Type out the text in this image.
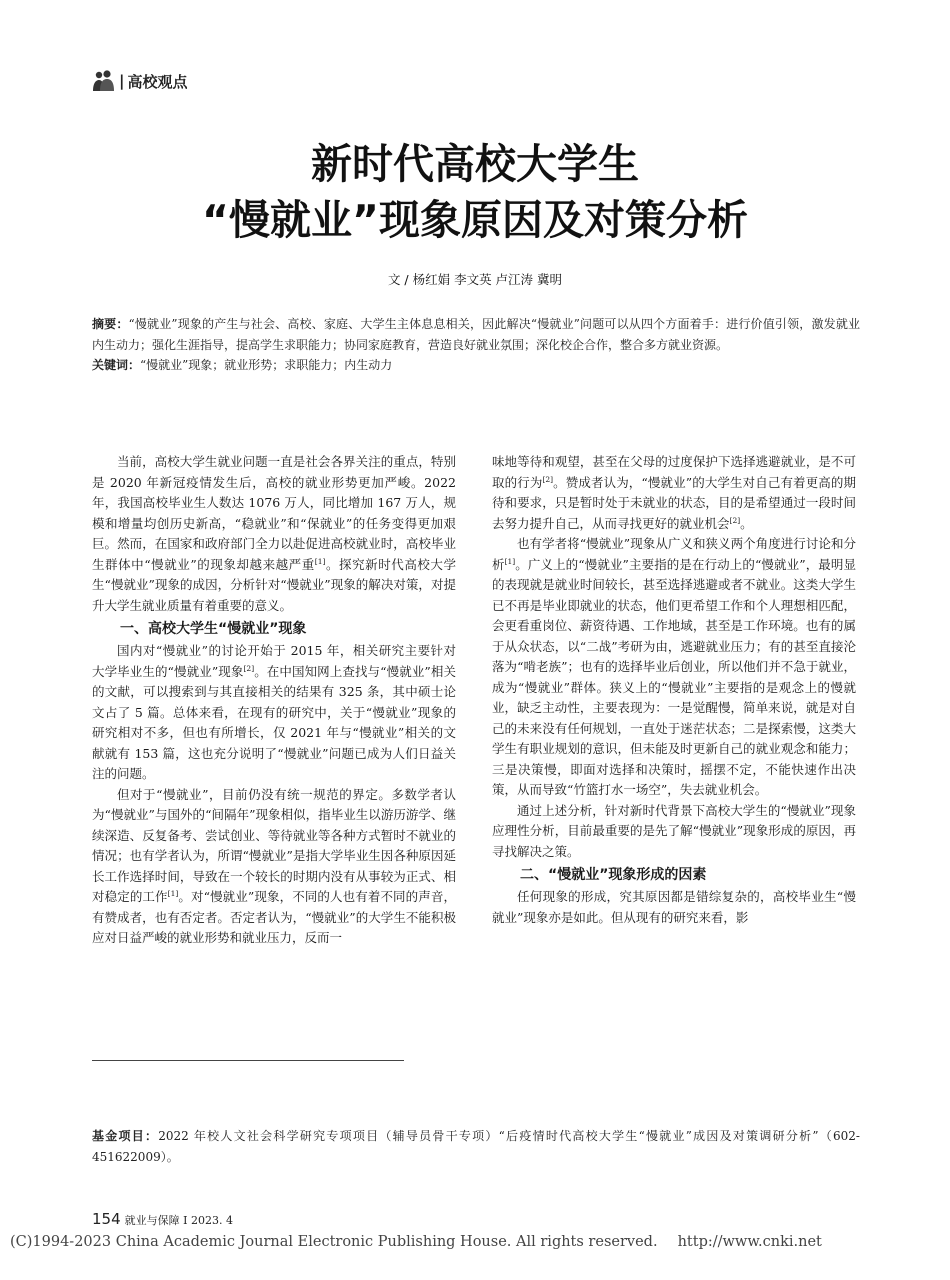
| 高校观点
新时代高校大学生
“慢就业”现象原因及对策分析
文 / 杨红娟 李文英 卢江涛 冀明

摘要：“慢就业”现象的产生与社会、高校、家庭、大学生主体息息相关，因此解决“慢就业”问题可以从四个方面着手：进行价值引领，激发就业内生动力；强化生涯指导，提高学生求职能力；协同家庭教育，营造良好就业氛围；深化校企合作，整合多方就业资源。

关键词：“慢就业”现象；就业形势；求职能力；内生动力

当前，高校大学生就业问题一直是社会各界关注的重点，特别是 2020 年新冠疫情发生后，高校的就业形势更加严峻。2022 年，我国高校毕业生人数达 1076 万人，同比增加 167 万人，规模和增量均创历史新高，“稳就业”和“保就业”的任务变得更加艰巨。然而，在国家和政府部门全力以赴促进高校就业时，高校毕业生群体中“慢就业”的现象却越来越严重[1]。探究新时代高校大学生“慢就业”现象的成因，分析针对“慢就业”现象的解决对策，对提升大学生就业质量有着重要的意义。

一、高校大学生“慢就业”现象

国内对“慢就业”的讨论开始于 2015 年，相关研究主要针对大学毕业生的“慢就业”现象[2]。在中国知网上查找与“慢就业”相关的文献，可以搜索到与其直接相关的结果有 325 条，其中硕士论文占了 5 篇。总体来看，在现有的研究中，关于“慢就业”现象的研究相对不多，但也有所增长，仅 2021 年与“慢就业”相关的文献就有 153 篇，这也充分说明了“慢就业”问题已成为人们日益关注的问题。

但对于“慢就业”，目前仍没有统一规范的界定。多数学者认为“慢就业”与国外的“间隔年”现象相似，指毕业生以游历游学、继续深造、反复备考、尝试创业、等待就业等各种方式暂时不就业的情况；也有学者认为，所谓“慢就业”是指大学毕业生因各种原因延长工作选择时间，导致在一个较长的时期内没有从事较为正式、相对稳定的工作[1]。对“慢就业”现象，不同的人也有着不同的声音，有赞成者，也有否定者。否定者认为，“慢就业”的大学生不能积极应对日益严峻的就业形势和就业压力，反而一

味地等待和观望，甚至在父母的过度保护下选择逃避就业，是不可取的行为[2]。赞成者认为，“慢就业”的大学生对自己有着更高的期待和要求，只是暂时处于未就业的状态，目的是希望通过一段时间去努力提升自己，从而寻找更好的就业机会[2]。

也有学者将“慢就业”现象从广义和狭义两个角度进行讨论和分析[1]。广义上的“慢就业”主要指的是在行动上的“慢就业”，最明显的表现就是就业时间较长，甚至选择逃避或者不就业。这类大学生已不再是毕业即就业的状态，他们更希望工作和个人理想相匹配，会更看重岗位、薪资待遇、工作地域，甚至是工作环境。也有的属于从众状态，以“二战”考研为由，逃避就业压力；有的甚至直接沦落为“啃老族”；也有的选择毕业后创业，所以他们并不急于就业，成为“慢就业”群体。狭义上的“慢就业”主要指的是观念上的慢就业，缺乏主动性，主要表现为：一是觉醒慢，简单来说，就是对自己的未来没有任何规划，一直处于迷茫状态；二是探索慢，这类大学生有职业规划的意识，但未能及时更新自己的就业观念和能力；三是决策慢，即面对选择和决策时，摇摆不定，不能快速作出决策，从而导致“竹篮打水一场空”，失去就业机会。

通过上述分析，针对新时代背景下高校大学生的“慢就业”现象应理性分析，目前最重要的是先了解“慢就业”现象形成的原因，再寻找解决之策。

二、“慢就业”现象形成的因素

任何现象的形成，究其原因都是错综复杂的，高校毕业生“慢就业”现象亦是如此。但从现有的研究来看，影

基金项目：2022 年校人文社会科学研究专项项目（辅导员骨干专项）“后疫情时代高校大学生“慢就业”成因及对策调研分析”（602-451622009）。
154 就业与保障 I 2023. 4
(C)1994-2023 China Academic Journal Electronic Publishing House. All rights reserved. http://www.cnki.net
